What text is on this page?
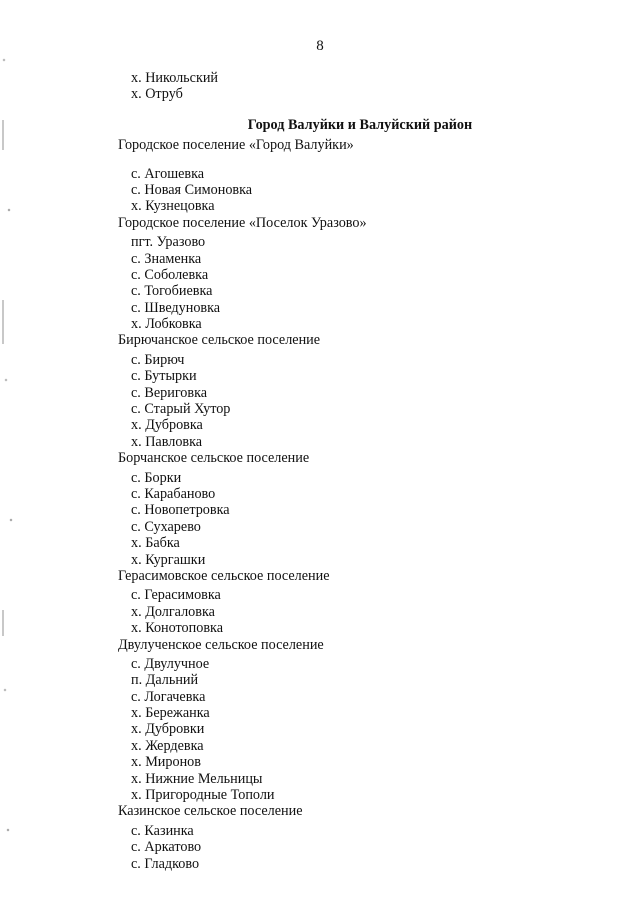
8
х. Никольский
х. Отруб
Город Валуйки и Валуйский район
Городское поселение «Город Валуйки»
с. Агошевка
с. Новая Симоновка
х. Кузнецовка
Городское поселение «Поселок Уразово»
пгт. Уразово
с. Знаменка
с. Соболевка
с. Тогобиевка
с. Шведуновка
х. Лобковка
Бирючанское сельское поселение
с. Бирюч
с. Бутырки
с. Вериговка
с. Старый Хутор
х. Дубровка
х. Павловка
Борчанское сельское поселение
с. Борки
с. Карабаново
с. Новопетровка
с. Сухарево
х. Бабка
х. Кургашки
Герасимовское сельское поселение
с. Герасимовка
х. Долгаловка
х. Конотоповка
Двулученское сельское поселение
с. Двулучное
п. Дальний
с. Логачевка
х. Бережанка
х. Дубровки
х. Жердевка
х. Миронов
х. Нижние Мельницы
х. Пригородные Тополи
Казинское сельское поселение
с. Казинка
с. Аркатово
с. Гладково
